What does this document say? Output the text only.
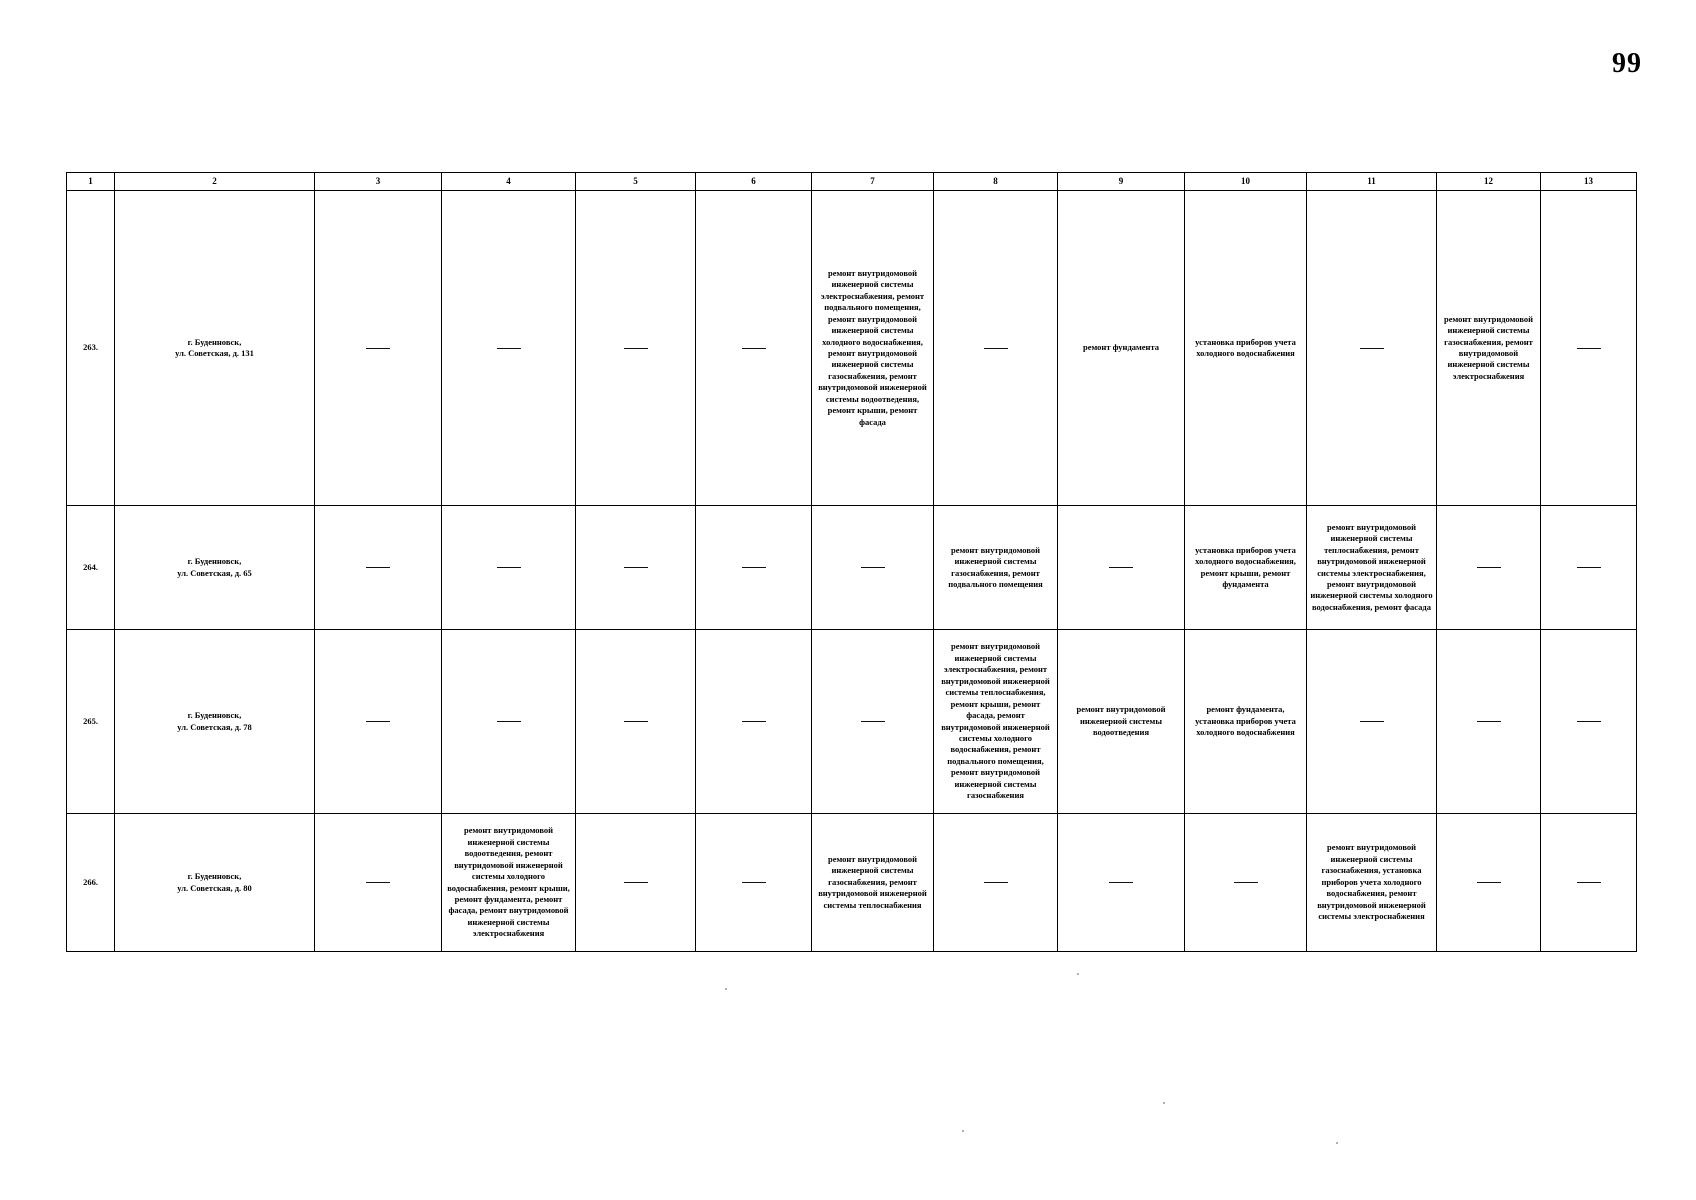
99
1	2	3	4	5	6	7	8	9	10	11	12	13
263.	г. Буденновск,
ул. Советская, д. 131					ремонт внутридомовой инженерной системы электроснабжения, ремонт подвального помещения, ремонт внутридомовой инженерной системы холодного водоснабжения, ремонт внутридомовой инженерной системы газоснабжения, ремонт внутридомовой инженерной системы водоотведения, ремонт крыши, ремонт фасада		ремонт фундамента	установка приборов учета холодного водоснабжения		ремонт внутридомовой инженерной системы газоснабжения, ремонт внутридомовой инженерной системы электроснабжения	
264.	г. Буденновск,
ул. Советская, д. 65						ремонт внутридомовой инженерной системы газоснабжения, ремонт подвального помещения		установка приборов учета холодного водоснабжения, ремонт крыши, ремонт фундамента	ремонт внутридомовой инженерной системы теплоснабжения, ремонт внутридомовой инженерной системы электроснабжения, ремонт внутридомовой инженерной системы холодного водоснабжения, ремонт фасада		
265.	г. Буденновск,
ул. Советская, д. 78						ремонт внутридомовой инженерной системы электроснабжения, ремонт внутридомовой инженерной системы теплоснабжения, ремонт крыши, ремонт фасада, ремонт внутридомовой инженерной системы холодного водоснабжения, ремонт подвального помещения, ремонт внутридомовой инженерной системы газоснабжения	ремонт внутридомовой инженерной системы водоотведения	ремонт фундамента, установка приборов учета холодного водоснабжения			
266.	г. Буденновск,
ул. Советская, д. 80		ремонт внутридомовой инженерной системы водоотведения, ремонт внутридомовой инженерной системы холодного водоснабжения, ремонт крыши, ремонт фундамента, ремонт фасада, ремонт внутридомовой инженерной системы электроснабжения			ремонт внутридомовой инженерной системы газоснабжения, ремонт внутридомовой инженерной системы теплоснабжения				ремонт внутридомовой инженерной системы газоснабжения, установка приборов учета холодного водоснабжения, ремонт внутридомовой инженерной системы электроснабжения		
